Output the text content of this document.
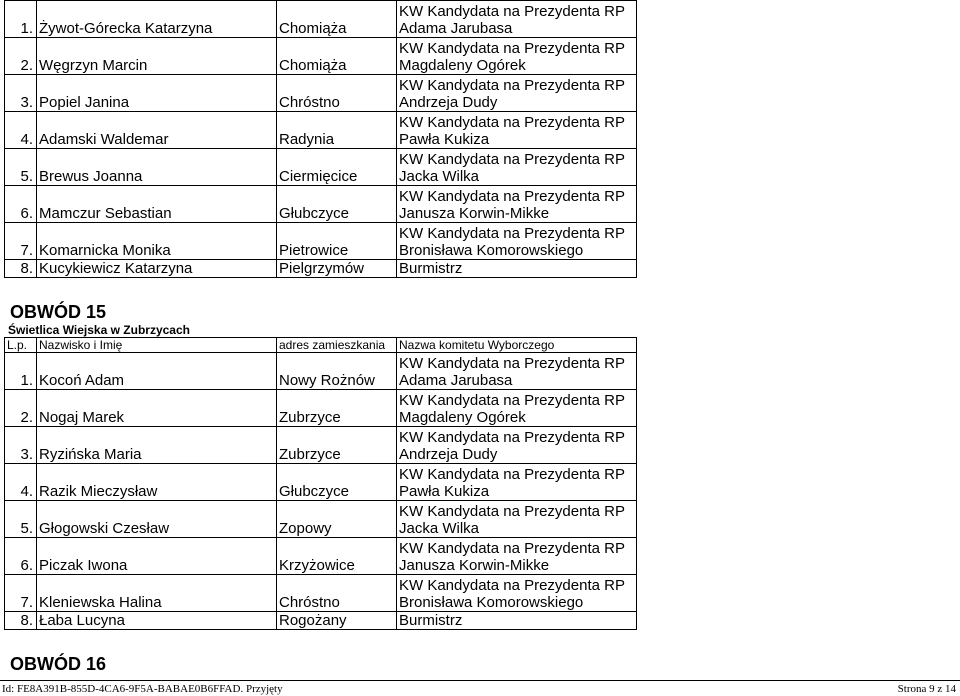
1.	Żywot-Górecka Katarzyna	Chomiąża	KW Kandydata na Prezydenta RP
Adama Jarubasa

2.	Węgrzyn Marcin	Chomiąża	KW Kandydata na Prezydenta RP
Magdaleny Ogórek

3.	Popiel Janina	Chróstno	KW Kandydata na Prezydenta RP
Andrzeja Dudy

4.	Adamski Waldemar	Radynia	KW Kandydata na Prezydenta RP
Pawła Kukiza

5.	Brewus Joanna	Ciermięcice	KW Kandydata na Prezydenta RP
Jacka Wilka

6.	Mamczur Sebastian	Głubczyce	KW Kandydata na Prezydenta RP
Janusza Korwin-Mikke

7.	Komarnicka Monika	Pietrowice	KW Kandydata na Prezydenta RP
Bronisława Komorowskiego

8.	Kucykiewicz Katarzyna	Pielgrzymów	Burmistrz
OBWÓD 15
Świetlica Wiejska w Zubrzycach
L.p.	Nazwisko i Imię	adres zamieszkania	Nazwa komitetu Wyborczego
1.	Kocoń Adam	Nowy Rożnów	KW Kandydata na Prezydenta RP
Adama Jarubasa

2.	Nogaj Marek	Zubrzyce	KW Kandydata na Prezydenta RP
Magdaleny Ogórek

3.	Ryzińska Maria	Zubrzyce	KW Kandydata na Prezydenta RP
Andrzeja Dudy

4.	Razik Mieczysław	Głubczyce	KW Kandydata na Prezydenta RP
Pawła Kukiza

5.	Głogowski Czesław	Zopowy	KW Kandydata na Prezydenta RP
Jacka Wilka

6.	Piczak Iwona	Krzyżowice	KW Kandydata na Prezydenta RP
Janusza Korwin-Mikke

7.	Kleniewska Halina	Chróstno	KW Kandydata na Prezydenta RP
Bronisława Komorowskiego

8.	Łaba Lucyna	Rogożany	Burmistrz
OBWÓD 16
Id: FE8A391B-855D-4CA6-9F5A-BABAE0B6FFAD. Przyjęty	Strona 9 z 14
